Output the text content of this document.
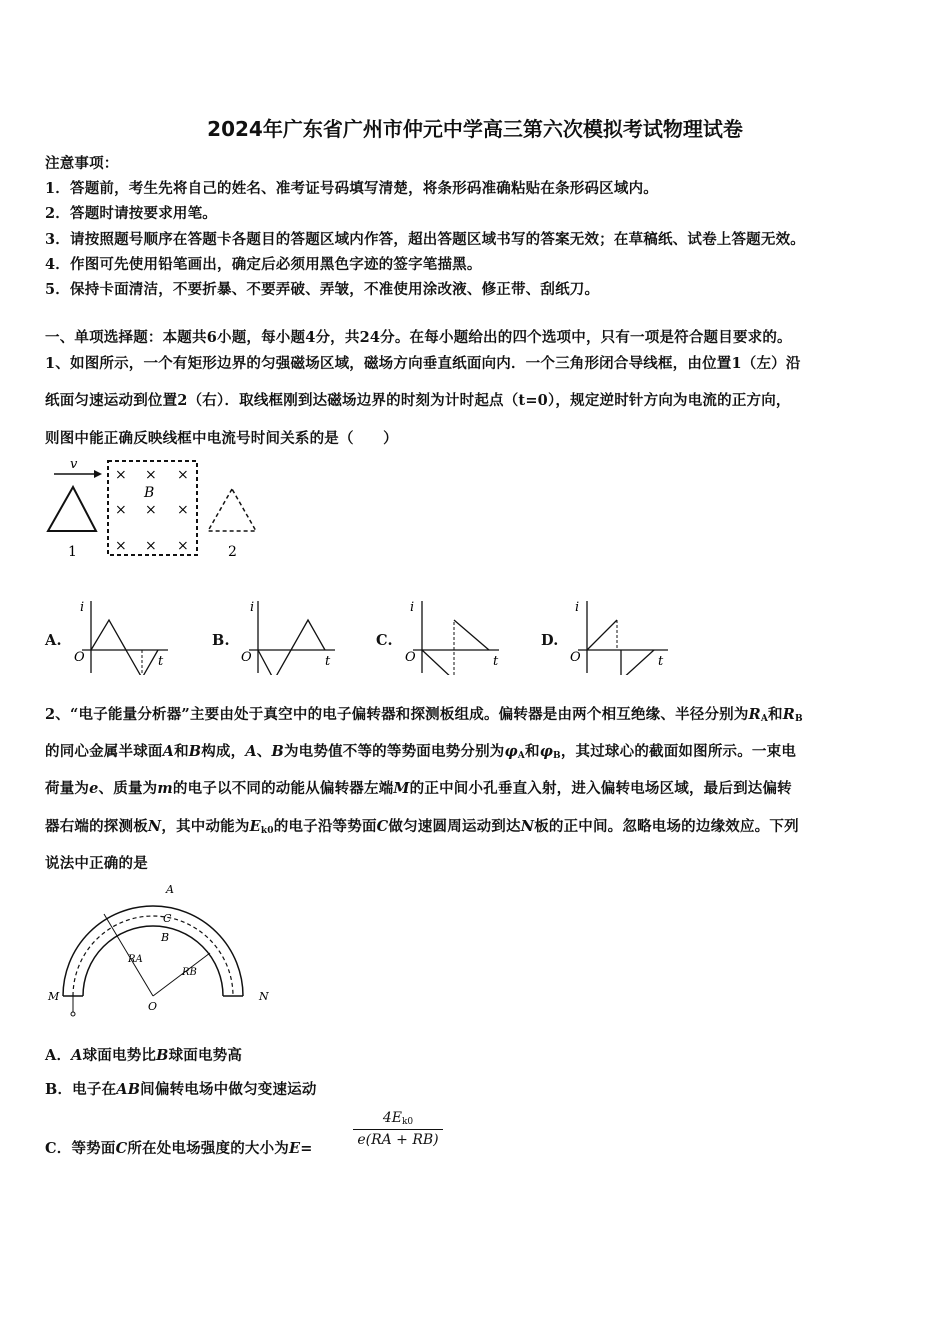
2024年广东省广州市仲元中学高三第六次模拟考试物理试卷
注意事项：
1．答题前，考生先将自己的姓名、准考证号码填写清楚，将条形码准确粘贴在条形码区域内。
2．答题时请按要求用笔。
3．请按照题号顺序在答题卡各题目的答题区域内作答，超出答题区域书写的答案无效；在草稿纸、试卷上答题无效。
4．作图可先使用铅笔画出，确定后必须用黑色字迹的签字笔描黑。
5．保持卡面清洁，不要折暴、不要弄破、弄皱，不准使用涂改液、修正带、刮纸刀。
一、单项选择题：本题共6小题，每小题4分，共24分。在每小题给出的四个选项中，只有一项是符合题目要求的。
1、如图所示，一个有矩形边界的匀强磁场区域，磁场方向垂直纸面向内．一个三角形闭合导线框，由位置1（左）沿
纸面匀速运动到位置2（右）．取线框刚到达磁场边界的时刻为计时起点（t=0），规定逆时针方向为电流的正方向，
则图中能正确反映线框中电流号时间关系的是（　　）
v
1
× × ×
× × ×
× × ×
B
2
A.
i
O	t
B.
i
O	t
C.
i
O	t
D.
i
O	t
2、“电子能量分析器”主要由处于真空中的电子偏转器和探测板组成。偏转器是由两个相互绝缘、半径分别为$R_A$和$R_B$
的同心金属半球面A和B构成，A、B为电势值不等的等势面电势分别为$\varphi_A$和$\varphi_B$，其过球心的截面如图所示。一束电
荷量为e、质量为m的电子以不同的动能从偏转器左端M的正中间小孔垂直入射，进入偏转电场区域，最后到达偏转
器右端的探测板N，其中动能为$E_{k0}$的电子沿等势面C做匀速圆周运动到达N板的正中间。忽略电场的边缘效应。下列
说法中正确的是
A
C
B
RA
RB
O
M	N
A．A球面电势比B球面电势高
B．电子在AB间偏转电场中做匀变速运动
C．等势面C所在处电场强度的大小为E=
$\frac{4E_{k0}}{e(RA + RB)}$
